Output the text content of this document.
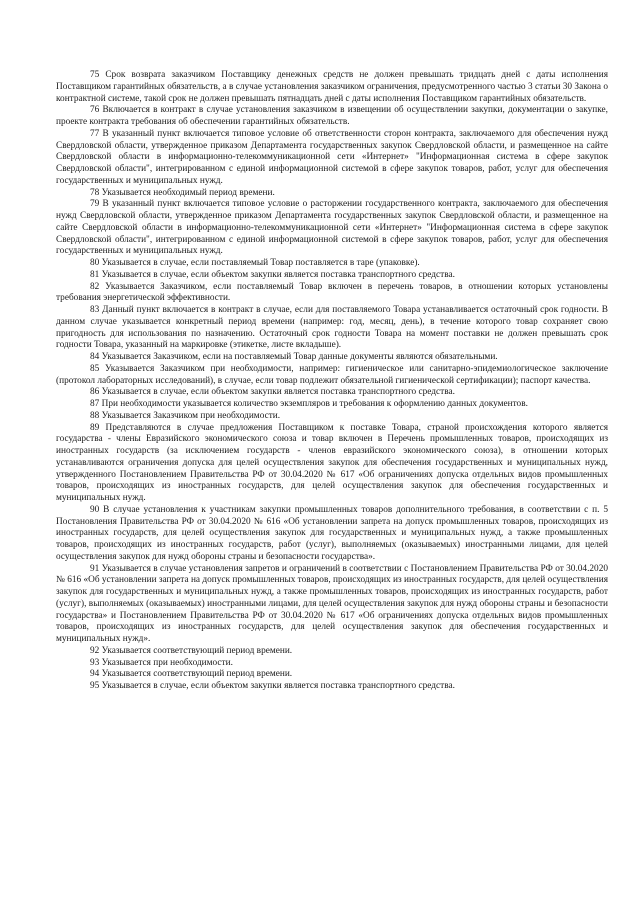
75 Срок возврата заказчиком Поставщику денежных средств не должен превышать тридцать дней с даты исполнения Поставщиком гарантийных обязательств, а в случае установления заказчиком ограничения, предусмотренного частью 3 статьи 30 Закона о контрактной системе, такой срок не должен превышать пятнадцать дней с даты исполнения Поставщиком гарантийных обязательств.

76 Включается в контракт в случае установления заказчиком в извещении об осуществлении закупки, документации о закупке, проекте контракта требования об обеспечении гарантийных обязательств.

77 В указанный пункт включается типовое условие об ответственности сторон контракта, заключаемого для обеспечения нужд Свердловской области, утвержденное приказом Департамента государственных закупок Свердловской области, и размещенное на сайте Свердловской области в информационно-телекоммуникационной сети «Интернет» "Информационная система в сфере закупок Свердловской области", интегрированном с единой информационной системой в сфере закупок товаров, работ, услуг для обеспечения государственных и муниципальных нужд.

78 Указывается необходимый период времени.

79 В указанный пункт включается типовое условие о расторжении государственного контракта, заключаемого для обеспечения нужд Свердловской области, утвержденное приказом Департамента государственных закупок Свердловской области, и размещенное на сайте Свердловской области в информационно-телекоммуникационной сети «Интернет» "Информационная система в сфере закупок Свердловской области", интегрированном с единой информационной системой в сфере закупок товаров, работ, услуг для обеспечения государственных и муниципальных нужд.

80 Указывается в случае, если поставляемый Товар поставляется в таре (упаковке).

81 Указывается в случае, если объектом закупки является поставка транспортного средства.

82 Указывается Заказчиком, если поставляемый Товар включен в перечень товаров, в отношении которых установлены требования энергетической эффективности.

83 Данный пункт включается в контракт в случае, если для поставляемого Товара устанавливается остаточный срок годности. В данном случае указывается конкретный период времени (например: год, месяц, день), в течение которого товар сохраняет свою пригодность для использования по назначению. Остаточный срок годности Товара на момент поставки не должен превышать срок годности Товара, указанный на маркировке (этикетке, листе вкладыше).

84 Указывается Заказчиком, если на поставляемый Товар данные документы являются обязательными.

85 Указывается Заказчиком при необходимости, например: гигиеническое или санитарно-эпидемиологическое заключение (протокол лабораторных исследований), в случае, если товар подлежит обязательной гигиенической сертификации); паспорт качества.

86 Указывается в случае, если объектом закупки является поставка транспортного средства.

87 При необходимости указывается количество экземпляров и требования к оформлению данных документов.

88 Указывается Заказчиком при необходимости.

89 Представляются в случае предложения Поставщиком к поставке Товара, страной происхождения которого является государства - члены Евразийского экономического союза и товар включен в Перечень промышленных товаров, происходящих из иностранных государств (за исключением государств - членов евразийского экономического союза), в отношении которых устанавливаются ограничения допуска для целей осуществления закупок для обеспечения государственных и муниципальных нужд, утвержденного Постановлением Правительства РФ от 30.04.2020 № 617 «Об ограничениях допуска отдельных видов промышленных товаров, происходящих из иностранных государств, для целей осуществления закупок для обеспечения государственных и муниципальных нужд.

90 В случае установления к участникам закупки промышленных товаров дополнительного требования, в соответствии с п. 5 Постановления Правительства РФ от 30.04.2020 № 616 «Об установлении запрета на допуск промышленных товаров, происходящих из иностранных государств, для целей осуществления закупок для государственных и муниципальных нужд, а также промышленных товаров, происходящих из иностранных государств, работ (услуг), выполняемых (оказываемых) иностранными лицами, для целей осуществления закупок для нужд обороны страны и безопасности государства».

91 Указывается в случае установления запретов и ограничений в соответствии с Постановлением Правительства РФ от 30.04.2020 № 616 «Об установлении запрета на допуск промышленных товаров, происходящих из иностранных государств, для целей осуществления закупок для государственных и муниципальных нужд, а также промышленных товаров, происходящих из иностранных государств, работ (услуг), выполняемых (оказываемых) иностранными лицами, для целей осуществления закупок для нужд обороны страны и безопасности государства» и Постановлением Правительства РФ от 30.04.2020 № 617 «Об ограничениях допуска отдельных видов промышленных товаров, происходящих из иностранных государств, для целей осуществления закупок для обеспечения государственных и муниципальных нужд».

92 Указывается соответствующий период времени.

93 Указывается при необходимости.

94 Указывается соответствующий период времени.

95 Указывается в случае, если объектом закупки является поставка транспортного средства.
